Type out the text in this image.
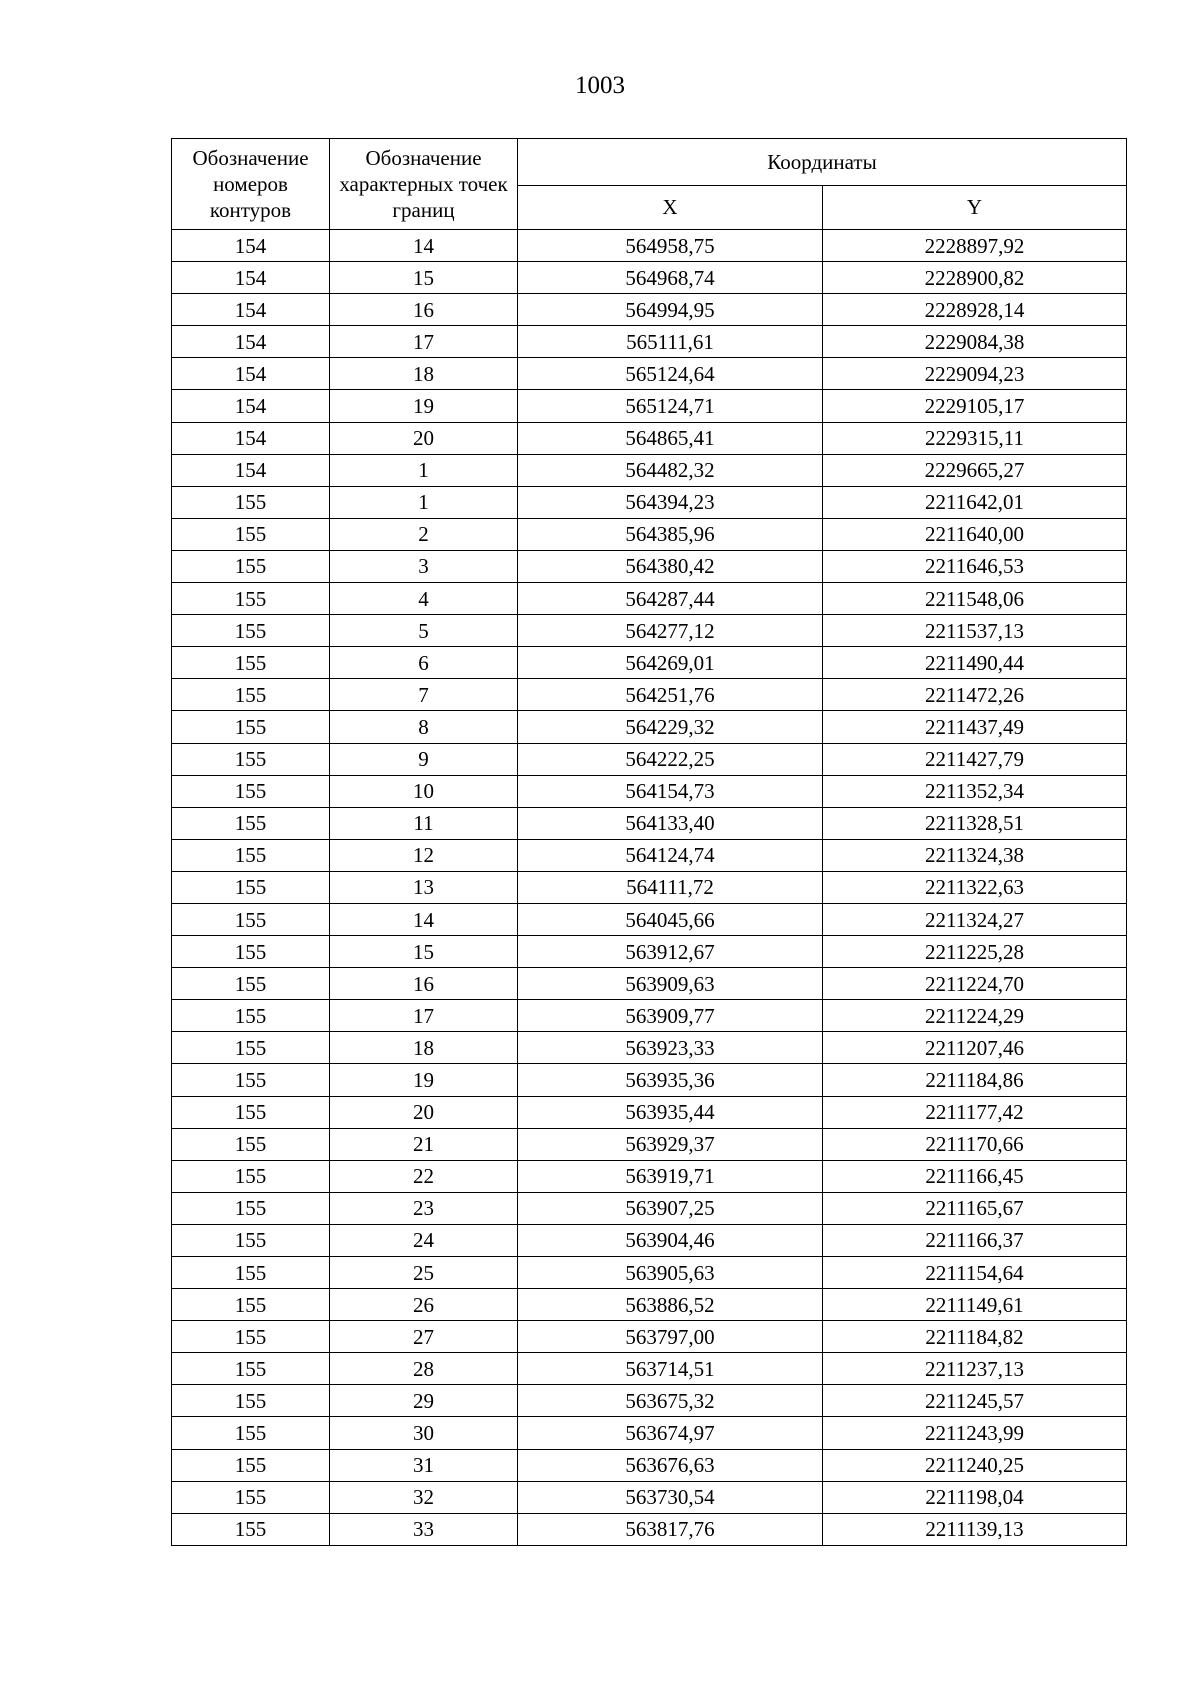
1003
Обозначение номеров контуров	Обозначение характерных точек границ	Координаты	
		X	Y
154	14	564958,75	2228897,92
154	15	564968,74	2228900,82
154	16	564994,95	2228928,14
154	17	565111,61	2229084,38
154	18	565124,64	2229094,23
154	19	565124,71	2229105,17
154	20	564865,41	2229315,11
154	1	564482,32	2229665,27
155	1	564394,23	2211642,01
155	2	564385,96	2211640,00
155	3	564380,42	2211646,53
155	4	564287,44	2211548,06
155	5	564277,12	2211537,13
155	6	564269,01	2211490,44
155	7	564251,76	2211472,26
155	8	564229,32	2211437,49
155	9	564222,25	2211427,79
155	10	564154,73	2211352,34
155	11	564133,40	2211328,51
155	12	564124,74	2211324,38
155	13	564111,72	2211322,63
155	14	564045,66	2211324,27
155	15	563912,67	2211225,28
155	16	563909,63	2211224,70
155	17	563909,77	2211224,29
155	18	563923,33	2211207,46
155	19	563935,36	2211184,86
155	20	563935,44	2211177,42
155	21	563929,37	2211170,66
155	22	563919,71	2211166,45
155	23	563907,25	2211165,67
155	24	563904,46	2211166,37
155	25	563905,63	2211154,64
155	26	563886,52	2211149,61
155	27	563797,00	2211184,82
155	28	563714,51	2211237,13
155	29	563675,32	2211245,57
155	30	563674,97	2211243,99
155	31	563676,63	2211240,25
155	32	563730,54	2211198,04
155	33	563817,76	2211139,13
